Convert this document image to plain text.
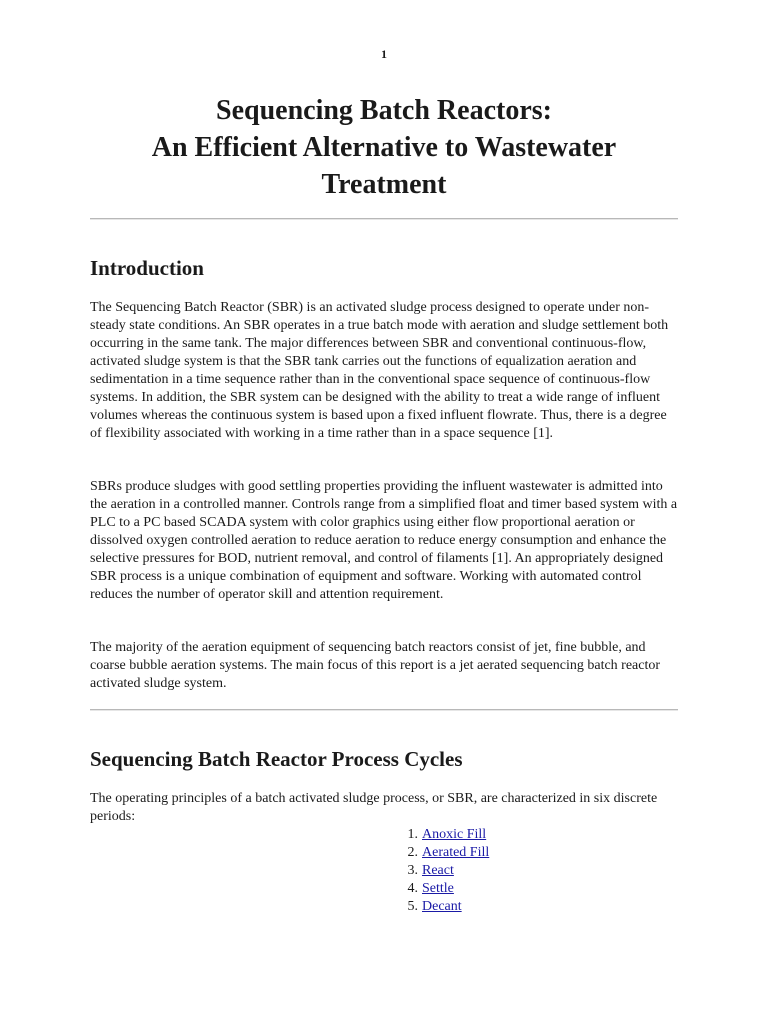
1
Sequencing Batch Reactors:
An Efficient Alternative to Wastewater
Treatment
Introduction

The Sequencing Batch Reactor (SBR) is an activated sludge process designed to operate under non-steady state conditions. An SBR operates in a true batch mode with aeration and sludge settlement both occurring in the same tank. The major differences between SBR and conventional continuous-flow, activated sludge system is that the SBR tank carries out the functions of equalization aeration and sedimentation in a time sequence rather than in the conventional space sequence of continuous-flow systems. In addition, the SBR system can be designed with the ability to treat a wide range of influent volumes whereas the continuous system is based upon a fixed influent flowrate. Thus, there is a degree of flexibility associated with working in a time rather than in a space sequence [1].

SBRs produce sludges with good settling properties providing the influent wastewater is admitted into the aeration in a controlled manner. Controls range from a simplified float and timer based system with a PLC to a PC based SCADA system with color graphics using either flow proportional aeration or dissolved oxygen controlled aeration to reduce aeration to reduce energy consumption and enhance the selective pressures for BOD, nutrient removal, and control of filaments [1]. An appropriately designed SBR process is a unique combination of equipment and software. Working with automated control reduces the number of operator skill and attention requirement.

The majority of the aeration equipment of sequencing batch reactors consist of jet, fine bubble, and coarse bubble aeration systems. The main focus of this report is a jet aerated sequencing batch reactor activated sludge system.

Sequencing Batch Reactor Process Cycles

The operating principles of a batch activated sludge process, or SBR, are characterized in six discrete periods:

1. Anoxic Fill
2. Aerated Fill
3. React
4. Settle
5. Decant
